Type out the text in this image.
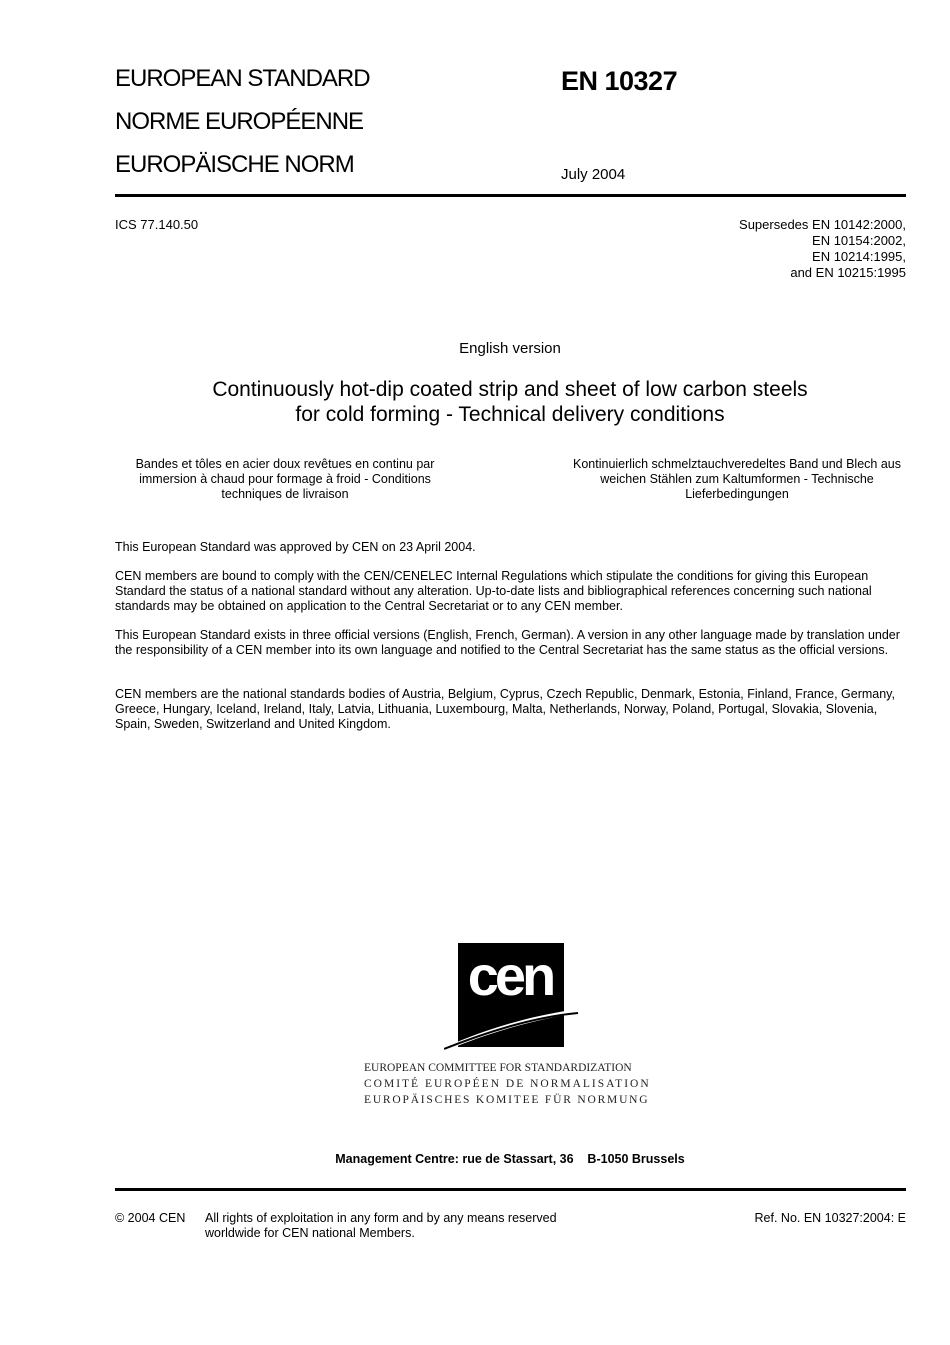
EUROPEAN STANDARD
NORME EUROPÉENNE
EUROPÄISCHE NORM
EN 10327
July 2004
ICS 77.140.50	Supersedes EN 10142:2000,
EN 10154:2002,
EN 10214:1995,
and EN 10215:1995
English version
Continuously hot-dip coated strip and sheet of low carbon steels
for cold forming - Technical delivery conditions
Bandes et tôles en acier doux revêtues en continu par
immersion à chaud pour formage à froid - Conditions
techniques de livraison
Kontinuierlich schmelztauchveredeltes Band und Blech aus
weichen Stählen zum Kaltumformen - Technische
Lieferbedingungen

This European Standard was approved by CEN on 23 April 2004.

CEN members are bound to comply with the CEN/CENELEC Internal Regulations which stipulate the conditions for giving this European Standard the status of a national standard without any alteration. Up-to-date lists and bibliographical references concerning such national standards may be obtained on application to the Central Secretariat or to any CEN member.

This European Standard exists in three official versions (English, French, German). A version in any other language made by translation under the responsibility of a CEN member into its own language and notified to the Central Secretariat has the same status as the official versions.

CEN members are the national standards bodies of Austria, Belgium, Cyprus, Czech Republic, Denmark, Estonia, Finland, France, Germany, Greece, Hungary, Iceland, Ireland, Italy, Latvia, Lithuania, Luxembourg, Malta, Netherlands, Norway, Poland, Portugal, Slovakia, Slovenia, Spain, Sweden, Switzerland and United Kingdom.

cen
EUROPEAN COMMITTEE FOR STANDARDIZATION
COMITÉ EUROPÉEN DE NORMALISATION
EUROPÄISCHES KOMITEE FÜR NORMUNG
Management Centre: rue de Stassart, 36    B-1050 Brussels
© 2004 CEN All rights of exploitation in any form and by any means reserved
worldwide for CEN national Members.
Ref. No. EN 10327:2004: E
